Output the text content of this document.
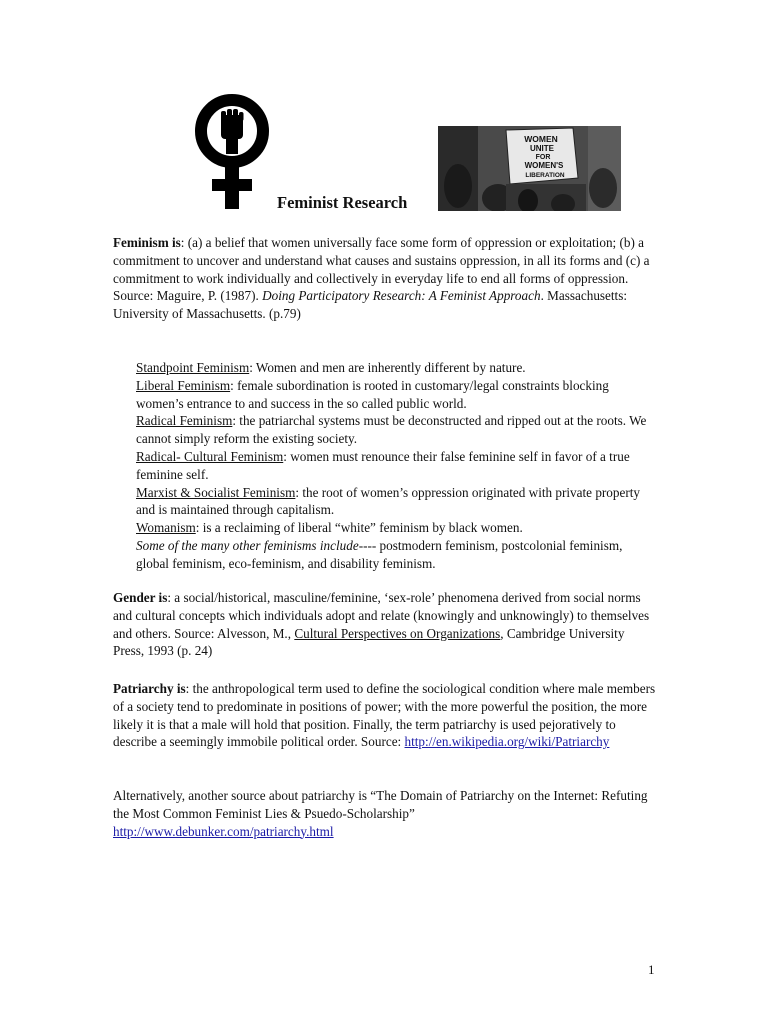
Feminist Research
WOMEN
UNITE
FOR
WOMEN'S
LIBERATION

Feminism is: (a) a belief that women universally face some form of oppression or exploitation; (b) a commitment to uncover and understand what causes and sustains oppression, in all its forms and (c) a commitment to work individually and collectively in everyday life to end all forms of oppression. Source: Maguire, P. (1987). Doing Participatory Research: A Feminist Approach. Massachusetts: University of Massachusetts. (p.79)

Standpoint Feminism: Women and men are inherently different by nature.
Liberal Feminism: female subordination is rooted in customary/legal constraints blocking women’s entrance to and success in the so called public world.
Radical Feminism: the patriarchal systems must be deconstructed and ripped out at the roots. We cannot simply reform the existing society.
Radical- Cultural Feminism: women must renounce their false feminine self in favor of a true feminine self.
Marxist & Socialist Feminism: the root of women’s oppression originated with private property and is maintained through capitalism.
Womanism: is a reclaiming of liberal “white” feminism by black women.
Some of the many other feminisms include---- postmodern feminism, postcolonial feminism, global feminism, eco-feminism, and disability feminism.

Gender is: a social/historical, masculine/feminine, ‘sex-role’ phenomena derived from social norms and cultural concepts which individuals adopt and relate (knowingly and unknowingly) to themselves and others. Source: Alvesson, M., Cultural Perspectives on Organizations, Cambridge University Press, 1993 (p. 24)

Patriarchy is: the anthropological term used to define the sociological condition where male members of a society tend to predominate in positions of power; with the more powerful the position, the more likely it is that a male will hold that position. Finally, the term patriarchy is used pejoratively to describe a seemingly immobile political order. Source: http://en.wikipedia.org/wiki/Patriarchy

Alternatively, another source about patriarchy is “The Domain of Patriarchy on the Internet: Refuting the Most Common Feminist Lies & Psuedo-Scholarship”
http://www.debunker.com/patriarchy.html

1
